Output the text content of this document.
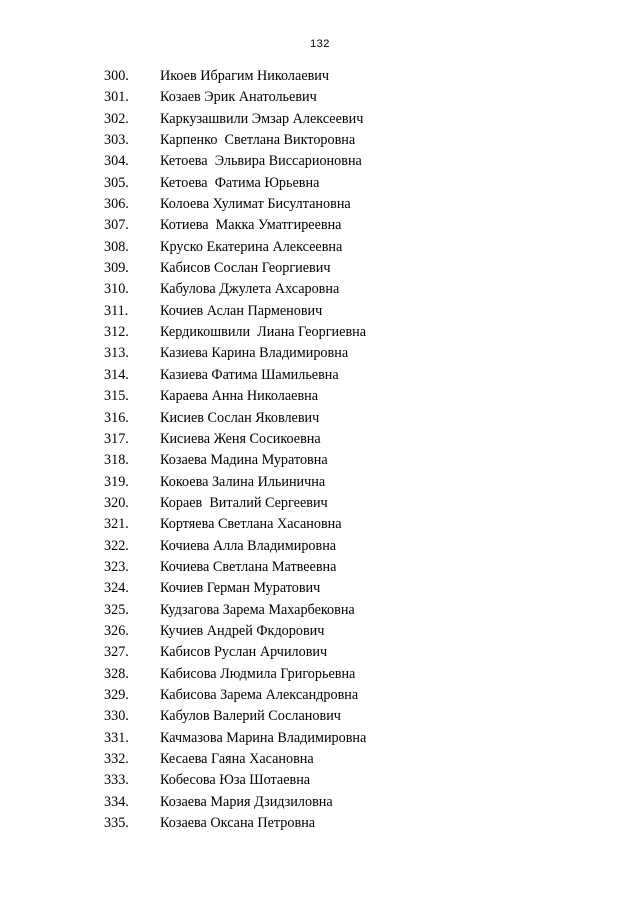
132
300. Икоев Ибрагим Николаевич
301. Козаев Эрик Анатольевич
302. Каркузашвили Эмзар Алексеевич
303. Карпенко  Светлана Викторовна
304. Кетоева  Эльвира Виссарионовна
305. Кетоева  Фатима Юрьевна
306. Колоева Хулимат Бисултановна
307. Котиева  Макка Уматгиреевна
308. Круско Екатерина Алексеевна
309. Кабисов Сослан Георгиевич
310. Кабулова Джулета Ахсаровна
311. Кочиев Аслан Парменович
312. Кердикошвили  Лиана Георгиевна
313. Казиева Карина Владимировна
314. Казиева Фатима Шамильевна
315. Караева Анна Николаевна
316. Кисиев Сослан Яковлевич
317. Кисиева Женя Сосикоевна
318. Козаева Мадина Муратовна
319. Кокоева Залина Ильинична
320. Кораев  Виталий Сергеевич
321. Кортяева Светлана Хасановна
322. Кочиева Алла Владимировна
323. Кочиева Светлана Матвеевна
324. Кочиев Герман Муратович
325. Кудзагова Зарема Махарбековна
326. Кучиев Андрей Фкдорович
327. Кабисов Руслан Арчилович
328. Кабисова Людмила Григорьевна
329. Кабисова Зарема Александровна
330. Кабулов Валерий Сосланович
331. Качмазова Марина Владимировна
332. Кесаева Гаяна Хасановна
333. Кобесова Юза Шотаевна
334. Козаева Мария Дзидзиловна
335. Козаева Оксана Петровна
